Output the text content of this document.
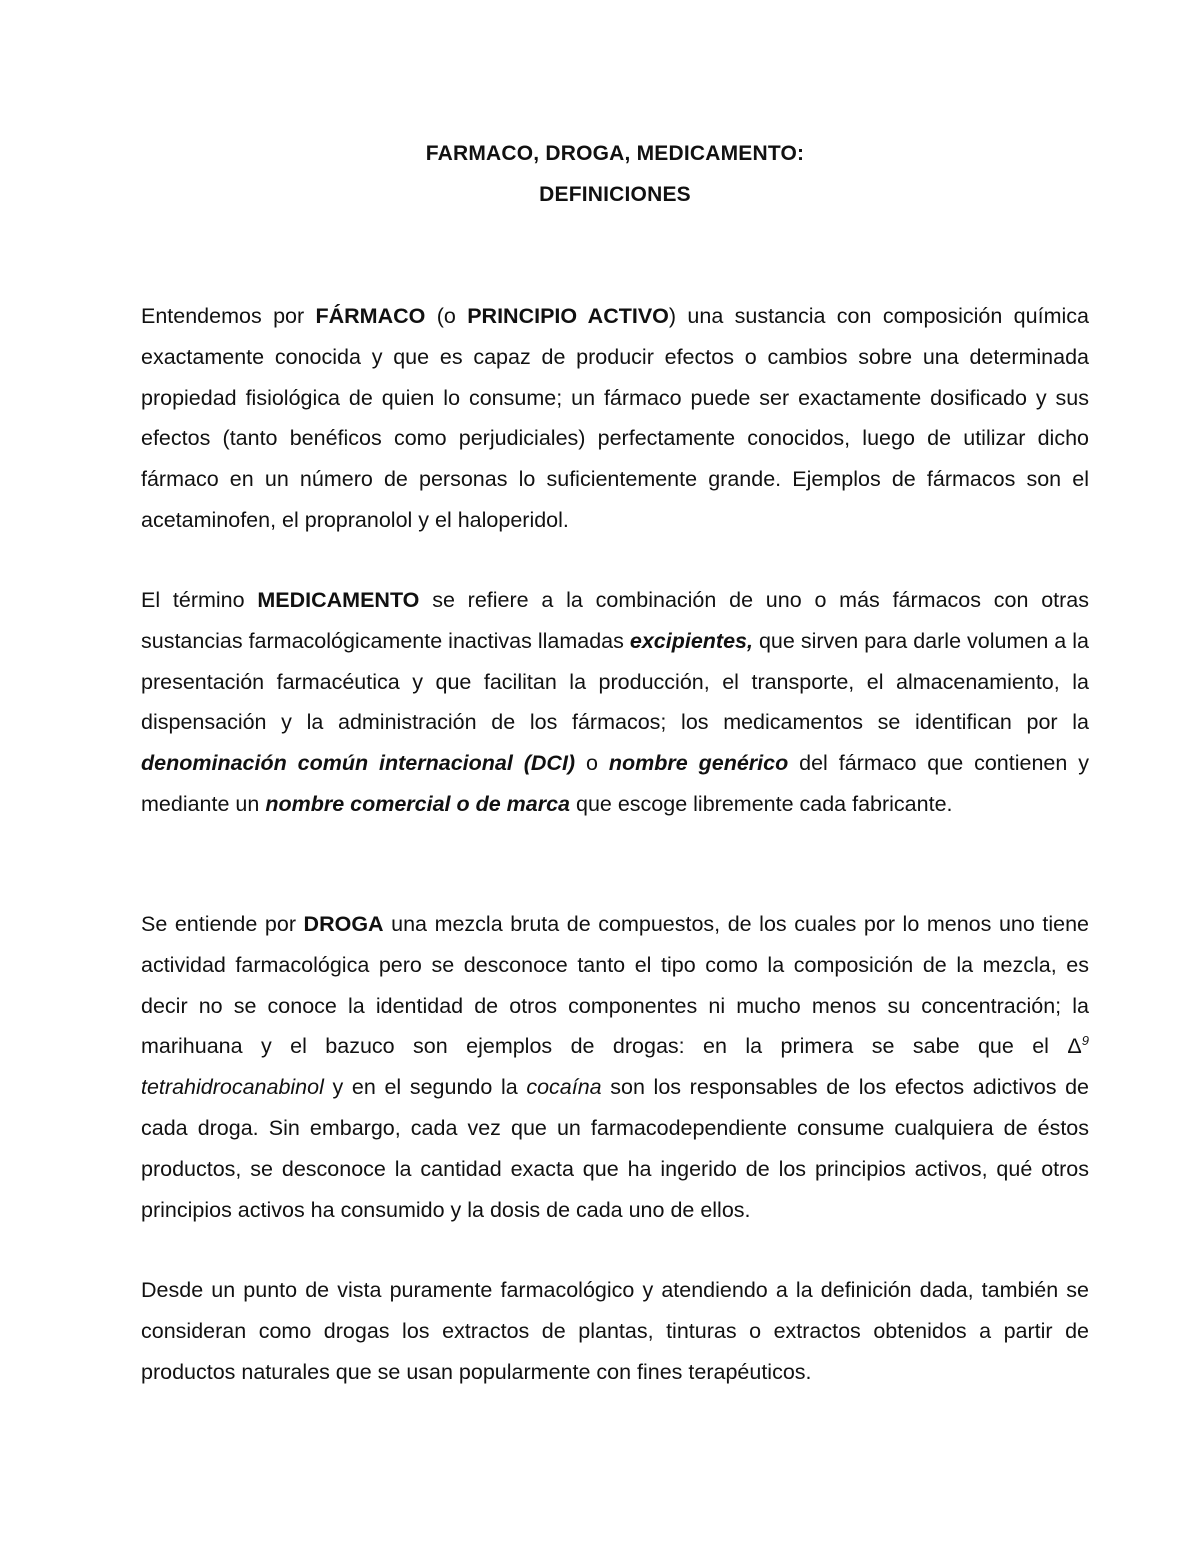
FARMACO, DROGA, MEDICAMENTO:
DEFINICIONES

Entendemos por FÁRMACO (o PRINCIPIO ACTIVO) una sustancia con composición química exactamente conocida y que es capaz de producir efectos o cambios sobre una determinada propiedad fisiológica de quien lo consume; un fármaco puede ser exactamente dosificado y sus efectos (tanto benéficos como perjudiciales) perfectamente conocidos, luego de utilizar dicho fármaco en un número de personas lo suficientemente grande. Ejemplos de fármacos son el acetaminofen, el propranolol y el haloperidol.

El término MEDICAMENTO se refiere a la combinación de uno o más fármacos con otras sustancias farmacológicamente inactivas llamadas excipientes, que sirven para darle volumen a la presentación farmacéutica y que facilitan la producción, el transporte, el almacenamiento, la dispensación y la administración de los fármacos; los medicamentos se identifican por la denominación común internacional (DCI) o nombre genérico del fármaco que contienen y mediante un nombre comercial o de marca que escoge libremente cada fabricante.

Se entiende por DROGA una mezcla bruta de compuestos, de los cuales por lo menos uno tiene actividad farmacológica pero se desconoce tanto el tipo como la composición de la mezcla, es decir no se conoce la identidad de otros componentes ni mucho menos su concentración; la marihuana y el bazuco son ejemplos de drogas: en la primera se sabe que el $\Delta^9$ tetrahidrocanabinol y en el segundo la cocaína son los responsables de los efectos adictivos de cada droga. Sin embargo, cada vez que un farmacodependiente consume cualquiera de éstos productos, se desconoce la cantidad exacta que ha ingerido de los principios activos, qué otros principios activos ha consumido y la dosis de cada uno de ellos.

Desde un punto de vista puramente farmacológico y atendiendo a la definición dada, también se consideran como drogas los extractos de plantas, tinturas o extractos obtenidos a partir de productos naturales que se usan popularmente con fines terapéuticos.
